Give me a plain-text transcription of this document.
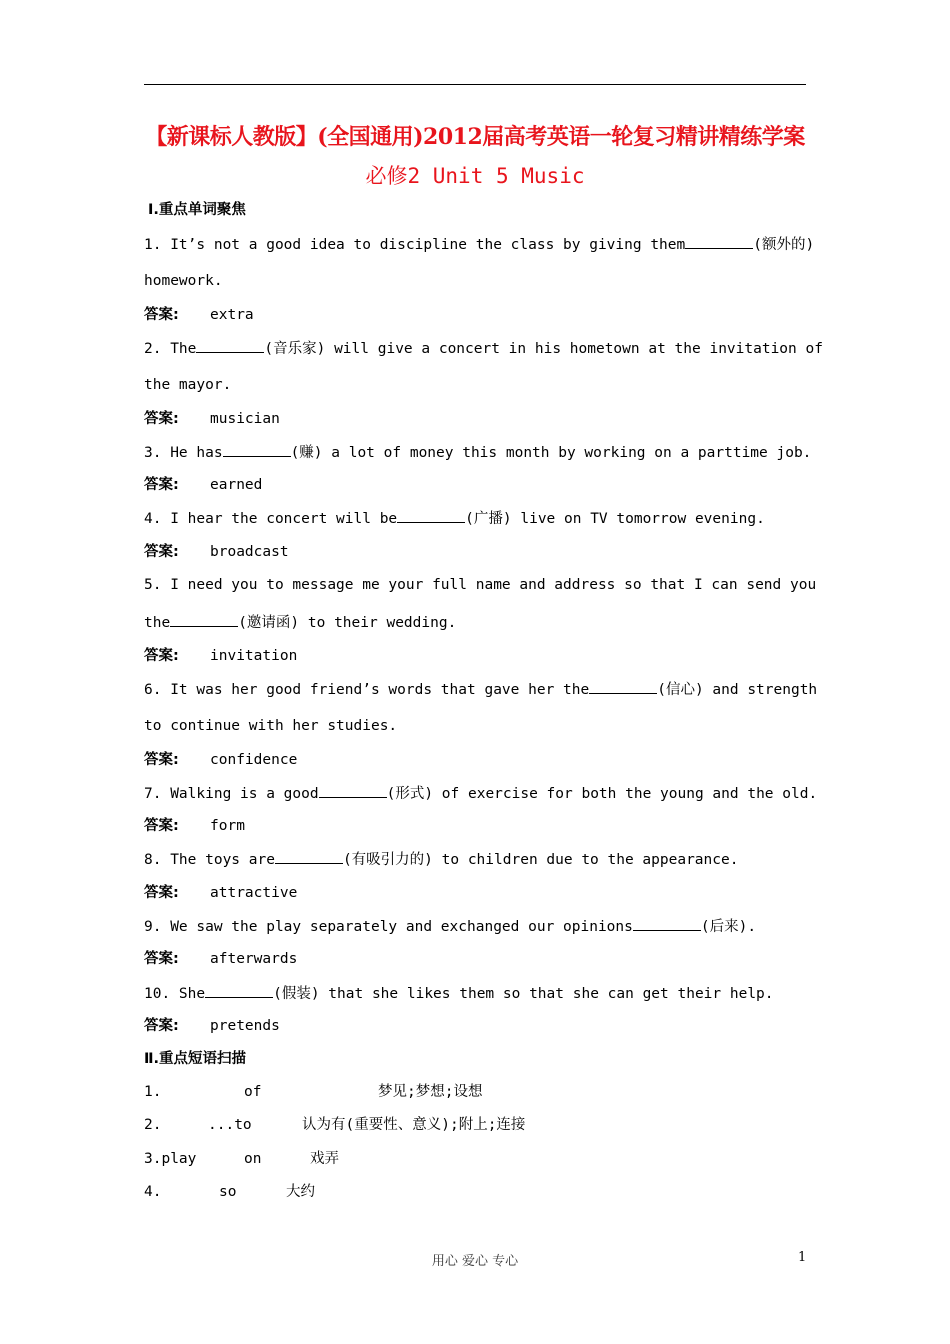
【新课标人教版】(全国通用)2012届高考英语一轮复习精讲精练学案
必修2 Unit 5 Music
Ⅰ.重点单词聚焦
1. It’s not a good idea to discipline the class by giving them	(额外的)
homework.
答案: extra
2. The	(音乐家) will give a concert in his hometown at the invitation of
the mayor.
答案: musician
3. He has	(赚) a lot of money this month by working on a parttime job.
答案: earned
4. I hear the concert will be	(广播) live on TV tomorrow evening.
答案: broadcast
5. I need you to message me your full name and address so that I can send you
the	(邀请函) to their wedding.
答案: invitation
6. It was her good friend’s words that gave her the	(信心) and strength
to continue with her studies.
答案: confidence
7. Walking is a good	(形式) of exercise for both the young and the old.
答案: form
8. The toys are	(有吸引力的) to children due to the appearance.
答案: attractive
9. We saw the play separately and exchanged our opinions	(后来).
答案: afterwards
10. She	(假装) that she likes them so that she can get their help.
答案: pretends
Ⅱ.重点短语扫描
1.	of	梦见;梦想;设想
2.	...to	认为有(重要性、意义);附上;连接
3.play	on	戏弄
4.	so	大约
用心 爱心 专心	1
